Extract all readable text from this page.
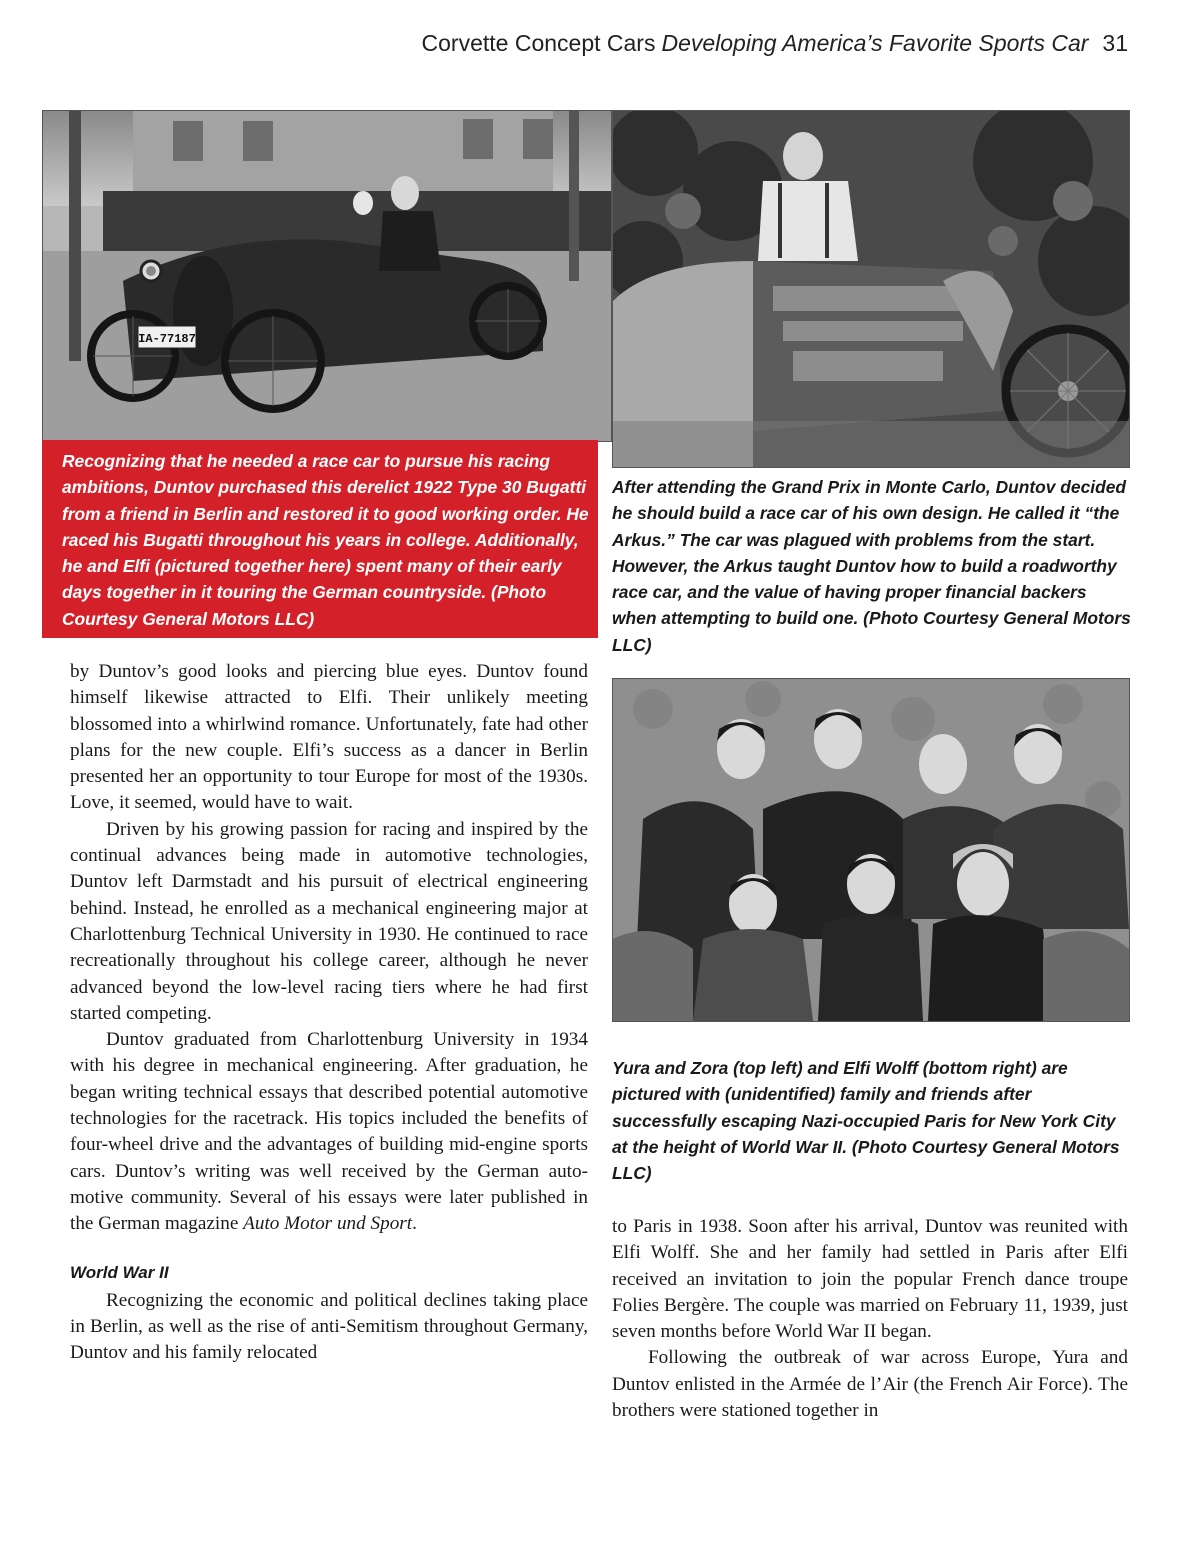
Corvette Concept Cars Developing America’s Favorite Sports Car 31
IA-77187
Recognizing that he needed a race car to pursue his racing ambitions, Duntov purchased this derelict 1922 Type 30 Bugatti from a friend in Berlin and restored it to good working order. He raced his Bugatti throughout his years in college. Additionally, he and Elfi (pictured together here) spent many of their early days together in it touring the German countryside. (Photo Courtesy General Motors LLC)
After attending the Grand Prix in Monte Carlo, Duntov decided he should build a race car of his own design. He called it “the Arkus.” The car was plagued with problems from the start. However, the Arkus taught Duntov how to build a roadworthy race car, and the value of having proper financial backers when attempting to build one. (Photo Courtesy General Motors LLC)
Yura and Zora (top left) and Elfi Wolff (bottom right) are pictured with (unidentified) family and friends after successfully escaping Nazi-occupied Paris for New York City at the height of World War II. (Photo Courtesy General Motors LLC)

by Duntov’s good looks and piercing blue eyes. Duntov found himself likewise attracted to Elfi. Their unlikely meeting blossomed into a whirlwind romance. Unfortunately, fate had other plans for the new couple. Elfi’s success as a dancer in Berlin presented her an opportunity to tour Europe for most of the 1930s. Love, it seemed, would have to wait.

Driven by his growing passion for racing and inspired by the continual advances being made in automotive technologies, Duntov left Darmstadt and his pursuit of electrical engineering behind. Instead, he enrolled as a mechanical engineering major at Charlottenburg Technical University in 1930. He continued to race recreationally throughout his college career, although he never advanced beyond the low-level racing tiers where he had first started competing.

Duntov graduated from Charlottenburg University in 1934 with his degree in mechanical engineering. After graduation, he began writing technical essays that described potential automotive technologies for the racetrack. His topics included the benefits of four-wheel drive and the advantages of building mid-engine sports cars. Duntov’s writing was well received by the German automotive community. Several of his essays were later published in the German magazine Auto Motor und Sport.

World War II

Recognizing the economic and political declines taking place in Berlin, as well as the rise of anti-Semitism throughout Germany, Duntov and his family relocated

to Paris in 1938. Soon after his arrival, Duntov was reunited with Elfi Wolff. She and her family had settled in Paris after Elfi received an invitation to join the popular French dance troupe Folies Bergère. The couple was married on February 11, 1939, just seven months before World War II began.

Following the outbreak of war across Europe, Yura and Duntov enlisted in the Armée de l’Air (the French Air Force). The brothers were stationed together in
